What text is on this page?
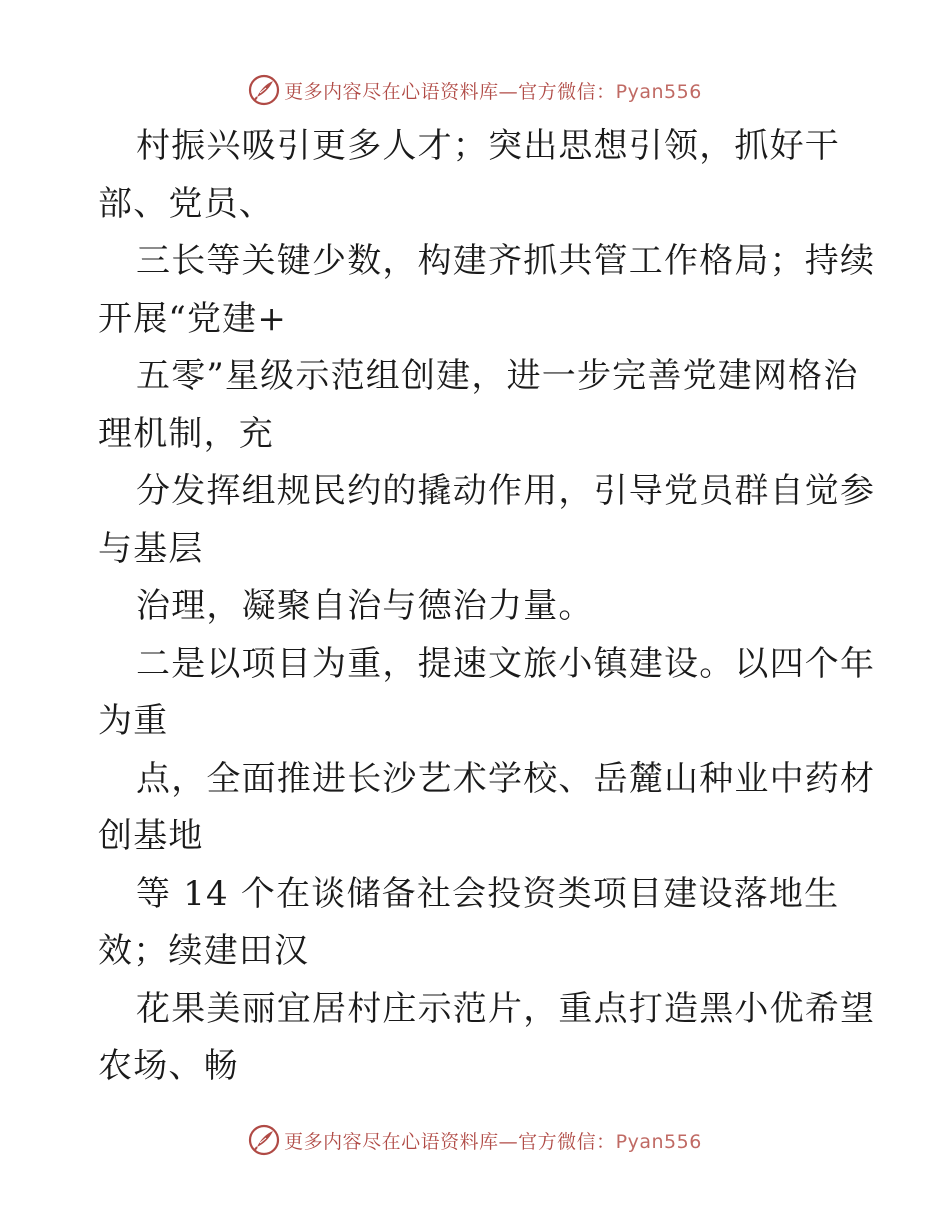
更多内容尽在心语资料库—官方微信：Pyan556
村振兴吸引更多人才；突出思想引领，抓好干
部、党员、
三长等关键少数，构建齐抓共管工作格局；持续
开展“党建+
五零”星级示范组创建，进一步完善党建网格治
理机制，充
分发挥组规民约的撬动作用，引导党员群自觉参
与基层
治理，凝聚自治与德治力量。
二是以项目为重，提速文旅小镇建设。以四个年
为重
点，全面推进长沙艺术学校、岳麓山种业中药材
创基地
等 14 个在谈储备社会投资类项目建设落地生
效；续建田汉
花果美丽宜居村庄示范片，重点打造黑小优希望
农场、畅
更多内容尽在心语资料库—官方微信：Pyan556
